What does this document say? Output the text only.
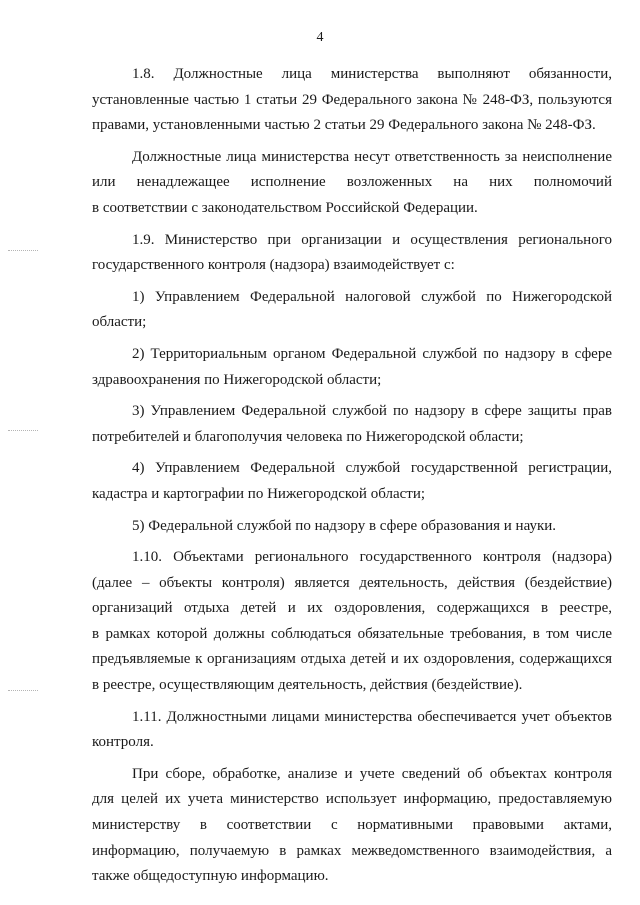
4

1.8. Должностные лица министерства выполняют обязанности,
установленные частью 1 статьи 29 Федерального закона № 248-ФЗ, пользуются
правами, установленными частью 2 статьи 29 Федерального закона № 248-ФЗ.

Должностные лица министерства несут ответственность за неисполнение
или ненадлежащее исполнение возложенных на них полномочий
в соответствии с законодательством Российской Федерации.

1.9. Министерство при организации и осуществления регионального
государственного контроля (надзора) взаимодействует с:

1) Управлением Федеральной налоговой службой по Нижегородской
области;

2) Территориальным органом Федеральной службой по надзору в сфере
здравоохранения по Нижегородской области;

3) Управлением Федеральной службой по надзору в сфере защиты прав
потребителей и благополучия человека по Нижегородской области;

4) Управлением Федеральной службой государственной регистрации,
кадастра и картографии по Нижегородской области;

5) Федеральной службой по надзору в сфере образования и науки.

1.10. Объектами регионального государственного контроля (надзора)
(далее – объекты контроля) является деятельность, действия (бездействие)
организаций отдыха детей и их оздоровления, содержащихся в реестре,
в рамках которой должны соблюдаться обязательные требования, в том числе
предъявляемые к организациям отдыха детей и их оздоровления, содержащихся
в реестре, осуществляющим деятельность, действия (бездействие).

1.11. Должностными лицами министерства обеспечивается учет объектов
контроля.

При сборе, обработке, анализе и учете сведений об объектах контроля
для целей их учета министерство использует информацию, предоставляемую
министерству в соответствии с нормативными правовыми актами,
информацию, получаемую в рамках межведомственного взаимодействия, а
также общедоступную информацию.
